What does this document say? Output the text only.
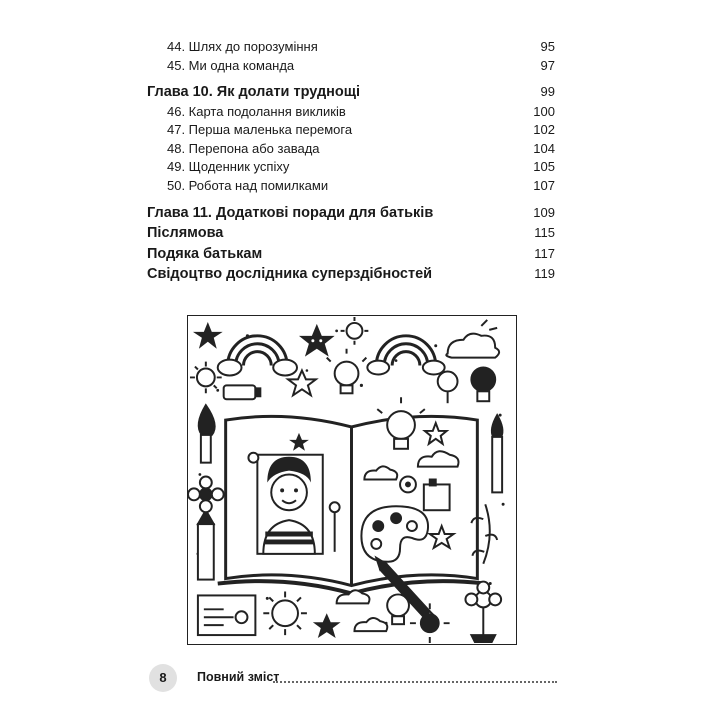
44. Шлях до порозуміння	95
45. Ми одна команда	97
Глава 10. Як долати труднощі	99
46. Карта подолання викликів	100
47. Перша маленька перемога	102
48. Перепона або завада	104
49. Щоденник успіху	105
50. Робота над помилками	107
Глава 11. Додаткові поради для батьків	109
Післямова	115
Подяка батькам	117
Свідоцтво дослідника суперздібностей	119
8	Повний зміст
